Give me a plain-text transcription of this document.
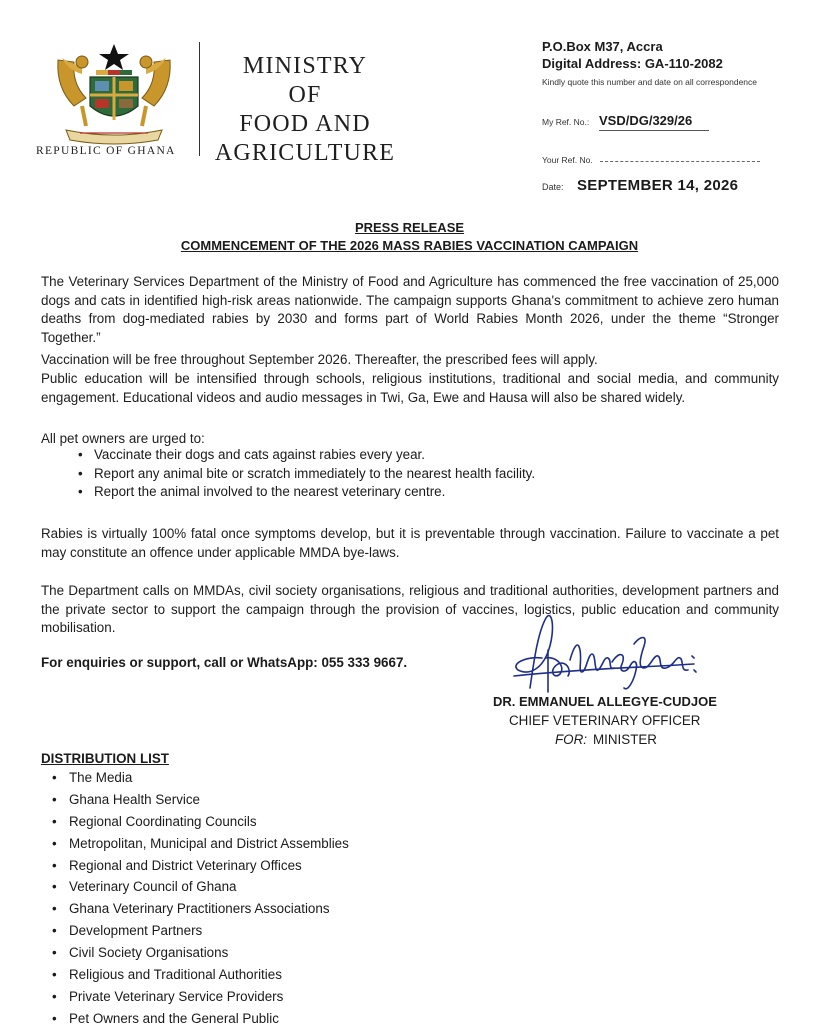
REPUBLIC OF GHANA
MINISTRY
OF
FOOD AND
AGRICULTURE
P.O.Box M37, Accra
Digital Address: GA-110-2082
Kindly quote this number and date on all correspondence
My Ref. No.: VSD/DG/329/26
Your Ref. No.
Date: SEPTEMBER 14, 2026
PRESS RELEASE
COMMENCEMENT OF THE 2026 MASS RABIES VACCINATION CAMPAIGN
The Veterinary Services Department of the Ministry of Food and Agriculture has commenced the free vaccination of 25,000 dogs and cats in identified high-risk areas nationwide. The campaign supports Ghana's commitment to achieve zero human deaths from dog-mediated rabies by 2030 and forms part of World Rabies Month 2026, under the theme “Stronger Together.”
Vaccination will be free throughout September 2026. Thereafter, the prescribed fees will apply.
Public education will be intensified through schools, religious institutions, traditional and social media, and community engagement. Educational videos and audio messages in Twi, Ga, Ewe and Hausa will also be shared widely.
All pet owners are urged to:
• Vaccinate their dogs and cats against rabies every year.
• Report any animal bite or scratch immediately to the nearest health facility.
• Report the animal involved to the nearest veterinary centre.
Rabies is virtually 100% fatal once symptoms develop, but it is preventable through vaccination. Failure to vaccinate a pet may constitute an offence under applicable MMDA bye-laws.
The Department calls on MMDAs, civil society organisations, religious and traditional authorities, development partners and the private sector to support the campaign through the provision of vaccines, logistics, public education and community mobilisation.
For enquiries or support, call or WhatsApp: 055 333 9667.
DR. EMMANUEL ALLEGYE-CUDJOE
CHIEF VETERINARY OFFICER
FOR: MINISTER
DISTRIBUTION LIST
• The Media
• Ghana Health Service
• Regional Coordinating Councils
• Metropolitan, Municipal and District Assemblies
• Regional and District Veterinary Offices
• Veterinary Council of Ghana
• Ghana Veterinary Practitioners Associations
• Development Partners
• Civil Society Organisations
• Religious and Traditional Authorities
• Private Veterinary Service Providers
• Pet Owners and the General Public
